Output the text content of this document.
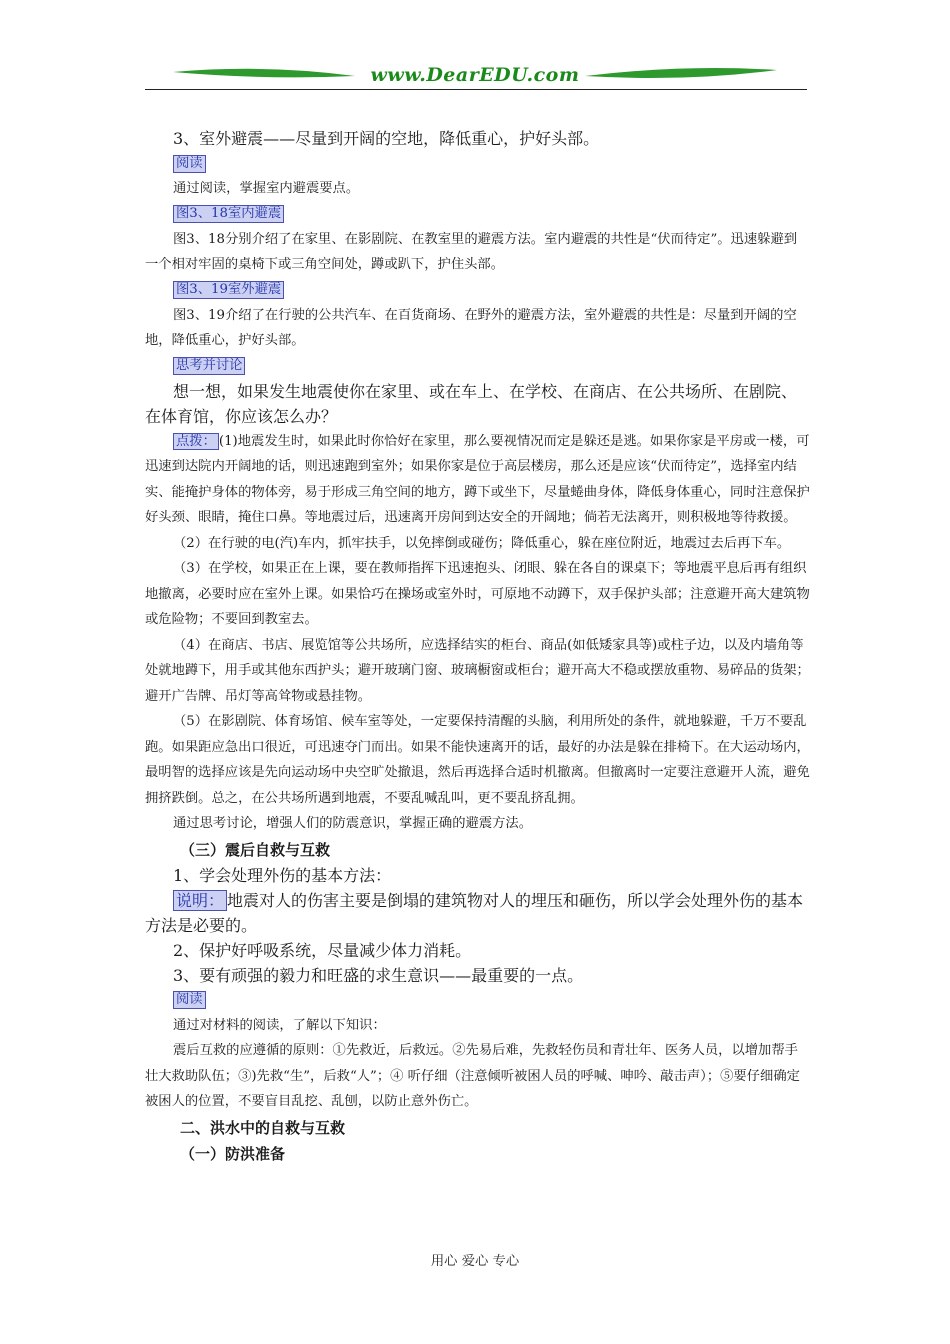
www.DearEDU.com

3、室外避震——尽量到开阔的空地，降低重心，护好头部。

阅读

通过阅读，掌握室内避震要点。

图3、18室内避震

图3、18分别介绍了在家里、在影剧院、在教室里的避震方法。室内避震的共性是“伏而待定”。迅速躲避到一个相对牢固的桌椅下或三角空间处，蹲或趴下，护住头部。

图3、19室外避震

图3、19介绍了在行驶的公共汽车、在百货商场、在野外的避震方法，室外避震的共性是：尽量到开阔的空地，降低重心，护好头部。

思考并讨论

想一想，如果发生地震使你在家里、或在车上、在学校、在商店、在公共场所、在剧院、在体育馆，你应该怎么办？

点拨： (1)地震发生时，如果此时你恰好在家里，那么要视情况而定是躲还是逃。如果你家是平房或一楼，可迅速到达院内开阔地的话，则迅速跑到室外；如果你家是位于高层楼房，那么还是应该“伏而待定”，选择室内结实、能掩护身体的物体旁，易于形成三角空间的地方，蹲下或坐下，尽量蜷曲身体，降低身体重心，同时注意保护好头颈、眼睛，掩住口鼻。等地震过后，迅速离开房间到达安全的开阔地；倘若无法离开，则积极地等待救援。

（2）在行驶的电(汽)车内，抓牢扶手，以免摔倒或碰伤；降低重心，躲在座位附近，地震过去后再下车。

（3）在学校，如果正在上课，要在教师指挥下迅速抱头、闭眼、躲在各自的课桌下；等地震平息后再有组织地撤离，必要时应在室外上课。如果恰巧在操场或室外时，可原地不动蹲下，双手保护头部；注意避开高大建筑物或危险物；不要回到教室去。

（4）在商店、书店、展览馆等公共场所，应选择结实的柜台、商品(如低矮家具等)或柱子边，以及内墙角等处就地蹲下，用手或其他东西护头；避开玻璃门窗、玻璃橱窗或柜台；避开高大不稳或摆放重物、易碎品的货架；避开广告牌、吊灯等高耸物或悬挂物。

（5）在影剧院、体育场馆、候车室等处，一定要保持清醒的头脑，利用所处的条件，就地躲避，千万不要乱跑。如果距应急出口很近，可迅速夺门而出。如果不能快速离开的话，最好的办法是躲在排椅下。在大运动场内，最明智的选择应该是先向运动场中央空旷处撤退，然后再选择合适时机撤离。但撤离时一定要注意避开人流，避免拥挤跌倒。总之，在公共场所遇到地震，不要乱喊乱叫，更不要乱挤乱拥。

通过思考讨论，增强人们的防震意识，掌握正确的避震方法。

（三）震后自救与互救

1、学会处理外伤的基本方法：

说明： 地震对人的伤害主要是倒塌的建筑物对人的埋压和砸伤，所以学会处理外伤的基本方法是必要的。

2、保护好呼吸系统，尽量减少体力消耗。

3、要有顽强的毅力和旺盛的求生意识——最重要的一点。

阅读

通过对材料的阅读，了解以下知识：

震后互救的应遵循的原则：①先救近，后救远。②先易后难，先救轻伤员和青壮年、医务人员，以增加帮手壮大救助队伍；③)先救“生”，后救“人”；④ 听仔细（注意倾听被困人员的呼喊、呻吟、敲击声）；⑤要仔细确定被困人的位置，不要盲目乱挖、乱刨，以防止意外伤亡。

二、洪水中的自救与互救

（一）防洪准备

用心 爱心 专心
